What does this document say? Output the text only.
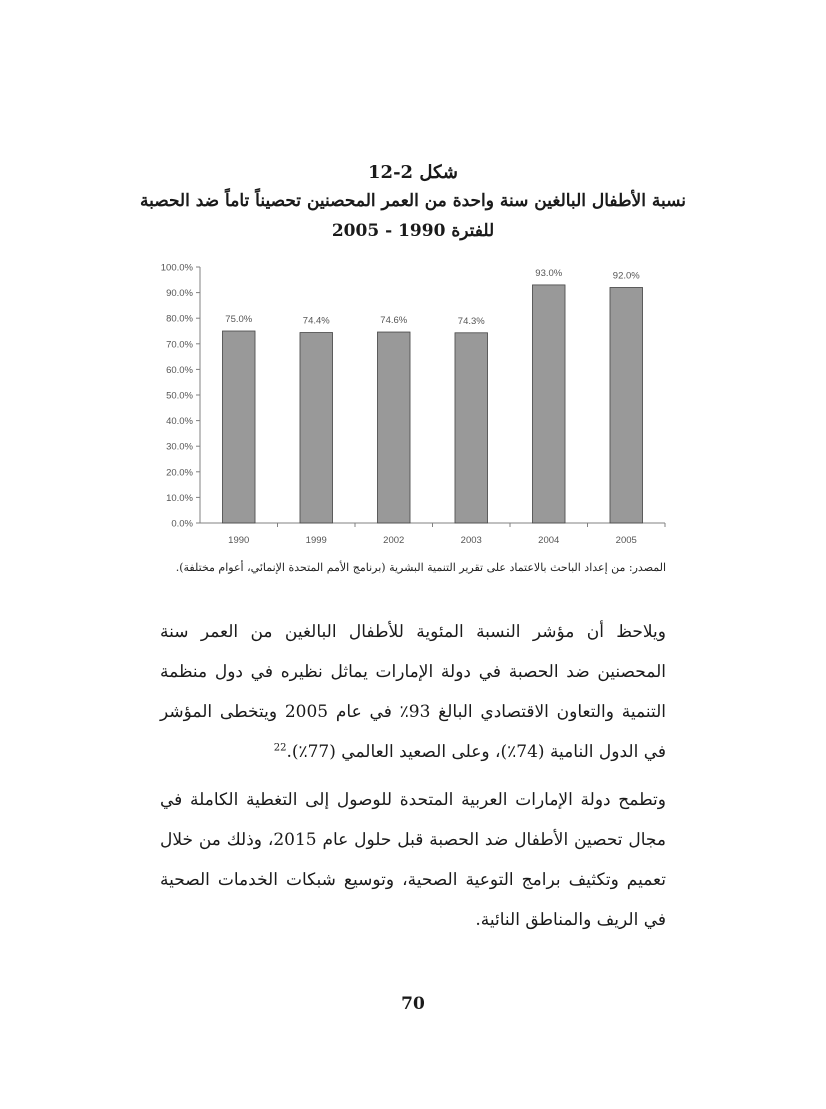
شكل 2-12
نسبة الأطفال البالغين سنة واحدة من العمر المحصنين تحصيناً تاماً ضد الحصبة
للفترة 1990 - 2005
0.0%
10.0%
20.0%
30.0%
40.0%
50.0%
60.0%
70.0%
80.0%
90.0%
100.0%
75.0%
1990
74.4%
1999
74.6%
2002
74.3%
2003
93.0%
2004
92.0%
2005
المصدر: من إعداد الباحث بالاعتماد على تقرير التنمية البشرية (برنامج الأمم المتحدة الإنمائي، أعوام مختلفة).

ويلاحظ أن مؤشر النسبة المئوية للأطفال البالغين من العمر سنة المحصنين ضد الحصبة في دولة الإمارات يماثل نظيره في دول منظمة التنمية والتعاون الاقتصادي البالغ 93٪ في عام 2005 ويتخطى المؤشر في الدول النامية (74٪)، وعلى الصعيد العالمي (77٪).$^{22}$

وتطمح دولة الإمارات العربية المتحدة للوصول إلى التغطية الكاملة في مجال تحصين الأطفال ضد الحصبة قبل حلول عام 2015، وذلك من خلال تعميم وتكثيف برامج التوعية الصحية، وتوسيع شبكات الخدمات الصحية في الريف والمناطق النائية.

70
